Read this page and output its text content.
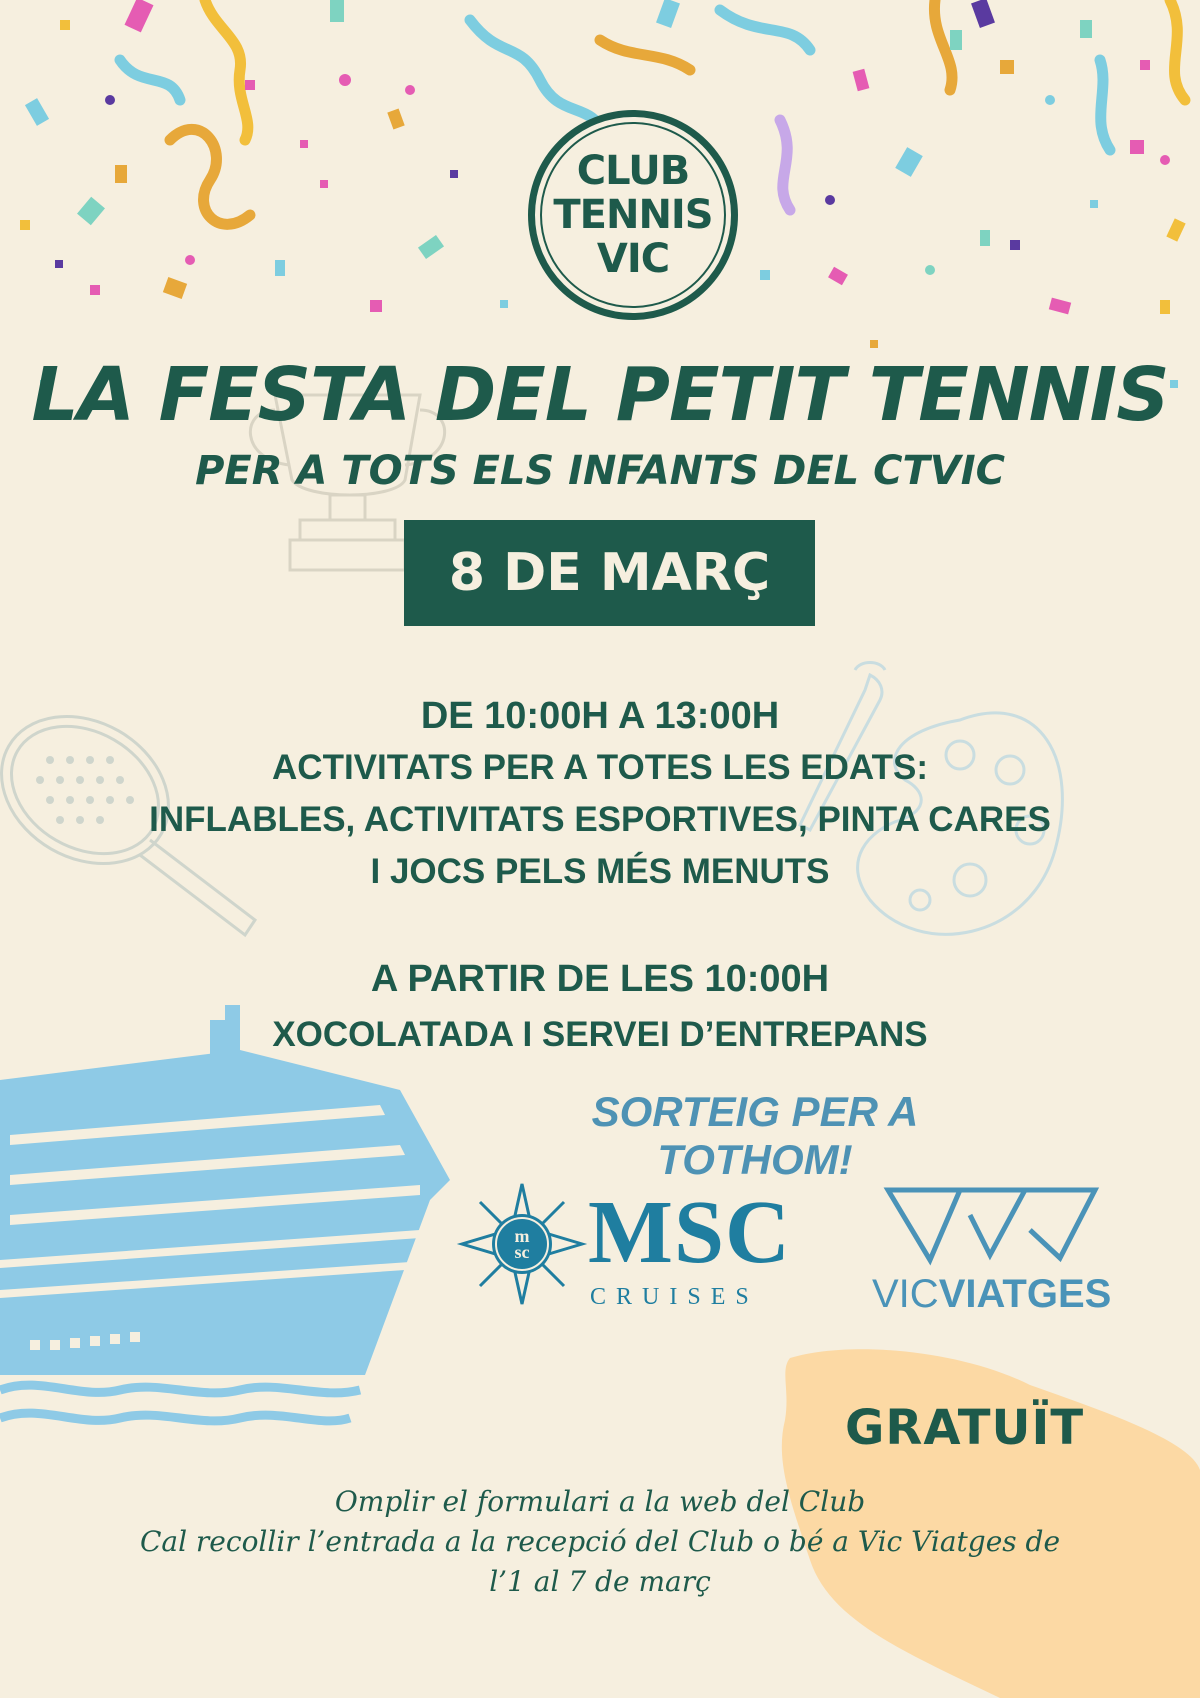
CLUB
TENNIS
VIC
LA FESTA DEL PETIT TENNIS
PER A TOTS ELS INFANTS DEL CTVIC
8 DE MARÇ
DE 10:00H A 13:00H
ACTIVITATS PER A TOTES LES EDATS:
INFLABLES, ACTIVITATS ESPORTIVES, PINTA CARES
I JOCS PELS MÉS MENUTS
A PARTIR DE LES 10:00H
XOCOLATADA I SERVEI D’ENTREPANS
SORTEIG PER A TOTHOM!
m
sc MSC
CRUISES	VICVIATGES
GRATUÏT
Omplir el formulari a la web del Club
Cal recollir l’entrada a la recepció del Club o bé a Vic Viatges de
l’1 al 7 de març
